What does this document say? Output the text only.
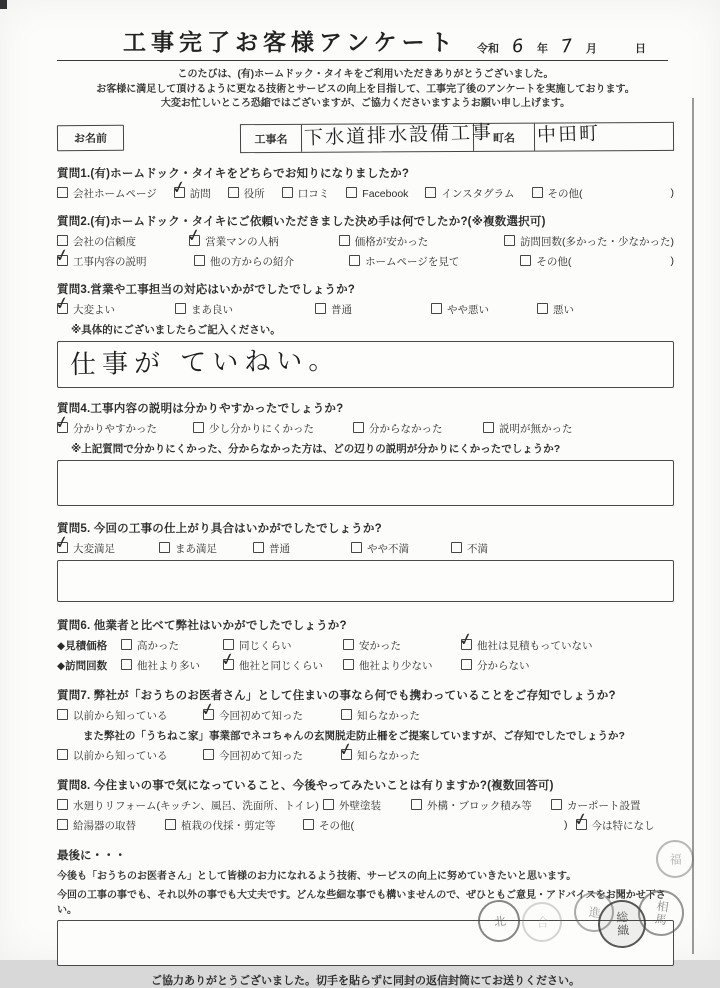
工事完了お客様アンケート 令和 6	年 7	月	日
このたびは、(有)ホームドック・タイキをご利用いただきありがとうございました。
お客様に満足して頂けるように更なる技術とサービスの向上を目指して、工事完了後のアンケートを実施しております。
大変お忙しいところ恐縮ではございますが、ご協力くださいますようお願い申し上げます。
お名前	工事名 下水道排水設備工事 町名	中田町
質問1.(有)ホームドック・タイキをどちらでお知りになりましたか?
会社ホームページ ✓	訪問	役所	口コミ	Facebook	インスタグラム	その他(	)
質問2.(有)ホームドック・タイキにご依頼いただきました決め手は何でしたか?(※複数選択可)
会社の信頼度 ✓	営業マンの人柄	価格が安かった	訪問回数(多かった・少なかった)
✓工事内容の説明	他の方からの紹介	ホームページを見て	その他(	)
質問3.営業や工事担当の対応はいかがでしたでしょうか?
✓大変よい	まあ良い	普通	やや悪い	悪い
※具体的にございましたらご記入ください。
仕事が ていねい。
質問4.工事内容の説明は分かりやすかったでしょうか?
✓分かりやすかった	少し分かりにくかった	分からなかった	説明が無かった
※上記質問で分かりにくかった、分からなかった方は、どの辺りの説明が分かりにくかったでしょうか?
質問5. 今回の工事の仕上がり具合はいかがでしたでしょうか?
✓大変満足	まあ満足	普通	やや不満	不満
質問6. 他業者と比べて弊社はいかがでしたでしょうか?
◆見積価格	高かった	同じくらい	安かった ✓	他社は見積もっていない
◆訪問回数	他社より多い ✓	他社と同じくらい	他社より少ない	分からない
質問7. 弊社が「おうちのお医者さん」として住まいの事なら何でも携わっていることをご存知でしょうか?
以前から知っている ✓	今回初めて知った	知らなかった
また弊社の「うちねこ家」事業部でネコちゃんの玄関脱走防止柵をご提案していますが、ご存知でしたでしょうか?
以前から知っている	今回初めて知った ✓	知らなかった
質問8. 今住まいの事で気になっていること、今後やってみたいことは有りますか?(複数回答可)
水廻りリフォーム(キッチン、風呂、洗面所、トイレ)	外壁塗装	外構・ブロック積み等	カーポート設置
給湯器の取替	植栽の伐採・剪定等	その他(	) ✓	今は特になし
最後に・・・
今後も「おうちのお医者さん」として皆様のお力になれるよう技術、サービスの向上に努めていきたいと思います。
今回の工事の事でも、それ以外の事でも大丈夫です。どんな些細な事でも構いませんので、ぜひともご意見・アドバイスをお聞かせ下さい。
ご協力ありがとうございました。切手を貼らずに同封の返信封筒にてお送りください。
北	合
進	総織	相馬
福
